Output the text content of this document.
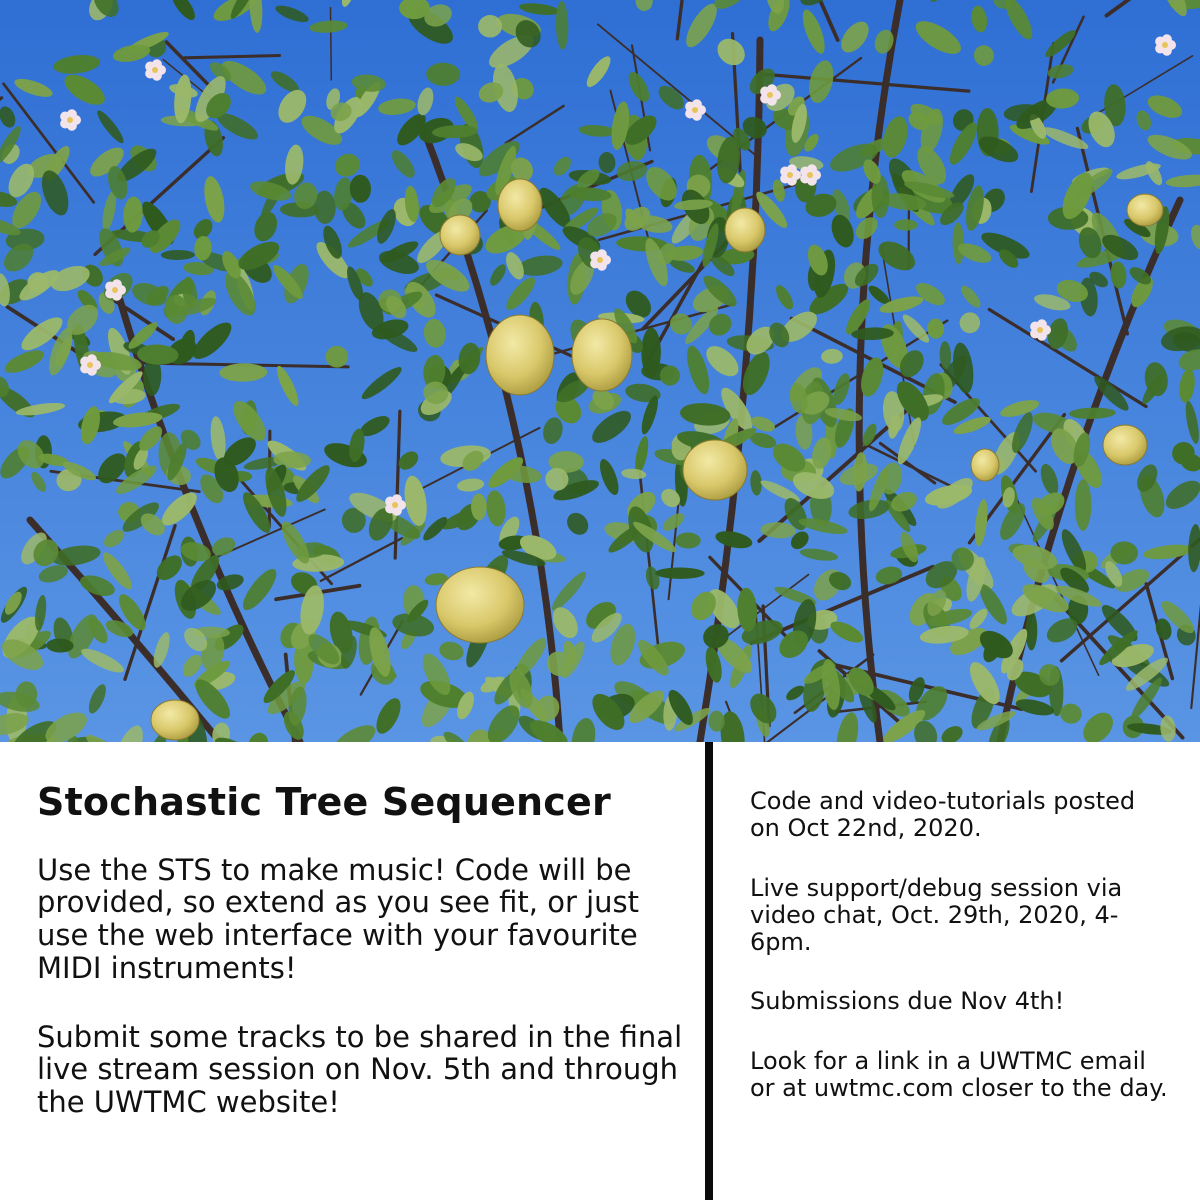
Stochastic Tree Sequencer

Use the STS to make music! Code will be provided, so extend as you see fit, or just use the web interface with your favourite MIDI instruments!

Submit some tracks to be shared in the final live stream session on Nov. 5th and through the UWTMC website!

Code and video-tutorials posted on Oct 22nd, 2020.

Live support/debug session via video chat, Oct. 29th, 2020, 4-6pm.

Submissions due Nov 4th!

Look for a link in a UWTMC email or at uwtmc.com closer to the day.
